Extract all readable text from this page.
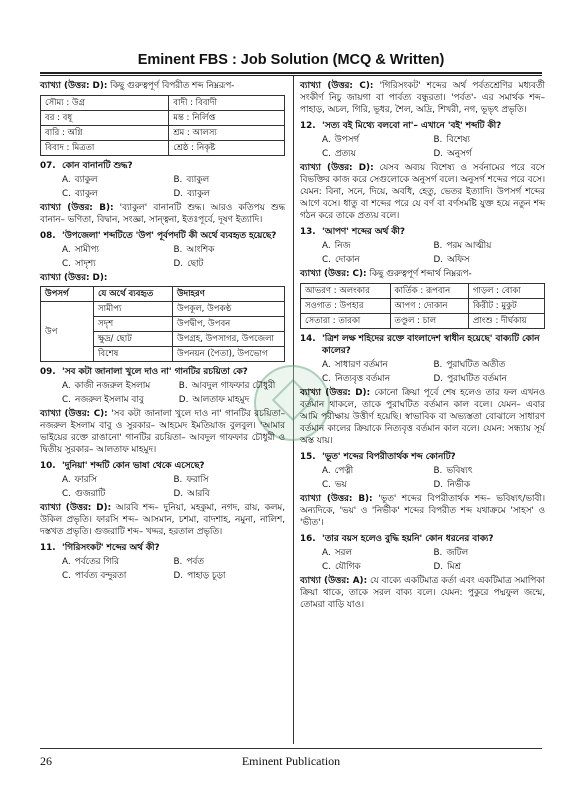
Eminent FBS : Job Solution (MCQ & Written)
ব্যাখ্যা (উত্তর: D): কিছু গুরুত্বপূর্ণ বিপরীত শব্দ নিম্নরূপ-
সৌম্য : উগ্র	বাদী : বিবাদী
বর : বধূ	মন্ত : নির্লিপ্ত
বারি : অগ্নি	শ্রম : আলস্য
বিবাদ : মিত্রতা	শ্রেষ্ঠ : নিকৃষ্ট
07. কোন বানানটি শুদ্ধ?
A. ব্যাকুল	B. ব্যাকুল
C. ব্যাকুল	D. ব্যাকুল
ব্যাখ্যা (উত্তর: B): 'ব্যাকুল' বানানটি শুদ্ধ। আরও কতিপয় শুদ্ধ বানান– ভণিতা, বিদ্বান, সংজ্ঞা, সান্ত্বনা, ইতঃপূর্বে, দূষণ ইত্যাদি।
08. 'উপজেলা' শব্দটিতে 'উপ' পূর্বপদটি কী অর্থে ব্যবহৃত হয়েছে?
A. সামীপ্য	B. আংশিক
C. সাদৃশ্য	D. ছোট
ব্যাখ্যা (উত্তর: D):
উপসর্গ	যে অর্থে ব্যবহৃত	উদাহরণ
উপ	সামীপ্য	উপকূল, উপকণ্ঠ
	সদৃশ	উপদ্বীপ, উপবন
	ক্ষুদ্র/ ছোট	উপগ্রহ, উপসাগর, উপজেলা
	বিশেষ	উপনয়ন (পৈতা), উপভোগ
09. 'সব কটা জানালা খুলে দাও না' গানটির রচয়িতা কে?
A. কাজী নজরুল ইসলাম	B. আবদুল গাফফার চৌধুরী
C. নজরুল ইসলাম বাবু	D. আলতাফ মাহমুদ
ব্যাখ্যা (উত্তর: C): 'সব কটা জানালা খুলে দাও না' গানটির রচয়িতা– নজরুল ইসলাম বাবু ও সুরকার– আহমেদ ইমতিয়াজ বুলবুল। 'আমার ভাইয়ের রক্তে রাঙানো' গানটির রচয়িতা– আবদুল গাফফার চৌধুরী ও দ্বিতীয় সুরকার– আলতাফ মাহমুদ।
10. 'দুনিয়া' শব্দটি কোন ভাষা থেকে এসেছে?
A. ফারসি	B. ফরাসি
C. গুজরাটি	D. আরবি
ব্যাখ্যা (উত্তর: D): আরবি শব্দ– দুনিয়া, মহকুমা, নগদ, রায়, কলম, উকিল প্রভৃতি। ফারসি শব্দ– আসমান, চশমা, বাদশাহ, নমুনা, নালিশ, দস্তখত প্রভৃতি। গুজরাটি শব্দ– খদ্দর, হরতাল প্রভৃতি।
11. 'গিরিসংকট' শব্দের অর্থ কী?
A. পর্বতের গিরি	B. পর্বত
C. পার্বত্য বন্দুরতা	D. পাহাড় চূড়া
ব্যাখ্যা (উত্তর: C): 'গিরিসংকট' শব্দের অর্থ পর্বতশ্রেণির মধ্যবর্তী সংকীর্ণ নিচু জায়গা বা পার্বত্য বন্ধুরতা। 'পর্বত'- এর সমার্থক শব্দ– পাহাড়, অচল, গিরি, ভূধর, শৈল, অদ্রি, শিখরী, নগ, ভূভৃৎ প্রভৃতি।
12. 'সত্য বই মিথ্যে বলবো না'– এখানে 'বই' শব্দটি কী?
A. উপসর্গ	B. বিশেষ্য
C. প্রত্যয়	D. অনুসর্গ
ব্যাখ্যা (উত্তর: D): যেসব অব্যয় বিশেষ্য ও সর্বনামের পরে বসে বিভক্তির কাজ করে সেগুলোকে অনুসর্গ বলে। অনুসর্গ শব্দের পরে বসে। যেমন: বিনা, সনে, দিয়ে, অবধি, হেতু, ভেতর ইত্যাদি। উপসর্গ শব্দের আগে বসে। ধাতু বা শব্দের পরে যে বর্ণ বা বর্ণসমষ্টি যুক্ত হয়ে নতুন শব্দ গঠন করে তাকে প্রত্যয় বলে।
13. 'আপণ' শব্দের অর্থ কী?
A. নিজ	B. পরম আত্মীয়
C. দোকান	D. অফিস
ব্যাখ্যা (উত্তর: C): কিছু গুরুত্বপূর্ণ শব্দার্থ নিম্নরূপ-
আভরণ : অলংকার	কার্তিক : রূপবান	গাড়ল : বোকা
সওগাত : উপহার	আপণ : দোকান	কিরীট : মুকুট
সেতারা : তারকা	তণ্ডুল : চাল	প্রাংশু : দীর্ঘকায়
14. 'ত্রিশ লক্ষ শহিদের রক্তে বাংলাদেশ স্বাধীন হয়েছে' বাক্যটি কোন কালের?
A. সাধারণ বর্তমান	B. পুরাঘটিত অতীত
C. নিত্যবৃত্ত বর্তমান	D. পুরাঘটিত বর্তমান
ব্যাখ্যা (উত্তর: D): কোনো ক্রিয়া পূর্বে শেষ হলেও তার ফল এখনও বর্তমান থাকলে, তাকে পুরাঘটিত বর্তমান কাল বলে। যেমন– এবার আমি পরীক্ষায় উত্তীর্ণ হয়েছি। স্বাভাবিক বা অভ্যস্ততা বোঝালে সাধারণ বর্তমান কালের ক্রিয়াকে নিত্যবৃত্ত বর্তমান কাল বলে। যেমন: সন্ধ্যায় সূর্য অস্ত যায়।
15. 'ভূত' শব্দের বিপরীতার্থক শব্দ কোনটি?
A. পেত্নী	B. ভবিষ্যৎ
C. ভয়	D. নির্ভীক
ব্যাখ্যা (উত্তর: B): 'ভূত' শব্দের বিপরীতার্থক শব্দ– ভবিষ্যৎ/ভাবী। অন্যদিকে, 'ভয়' ও 'নির্ভীক' শব্দের বিপরীত শব্দ যথাক্রমে 'সাহস' ও 'ভীত'।
16. 'তার বয়স হলেও বুদ্ধি হয়নি' কোন ধরনের বাক্য?
A. সরল	B. জটিল
C. যৌগিক	D. মিশ্র
ব্যাখ্যা (উত্তর: A): যে বাক্যে একটিমাত্র কর্তা এবং একটিমাত্র সমাপিকা ক্রিয়া থাকে, তাকে সরল বাক্য বলে। যেমন: পুকুরে পদ্মফুল জন্মে, তোমরা বাড়ি যাও।
26	Eminent Publication
